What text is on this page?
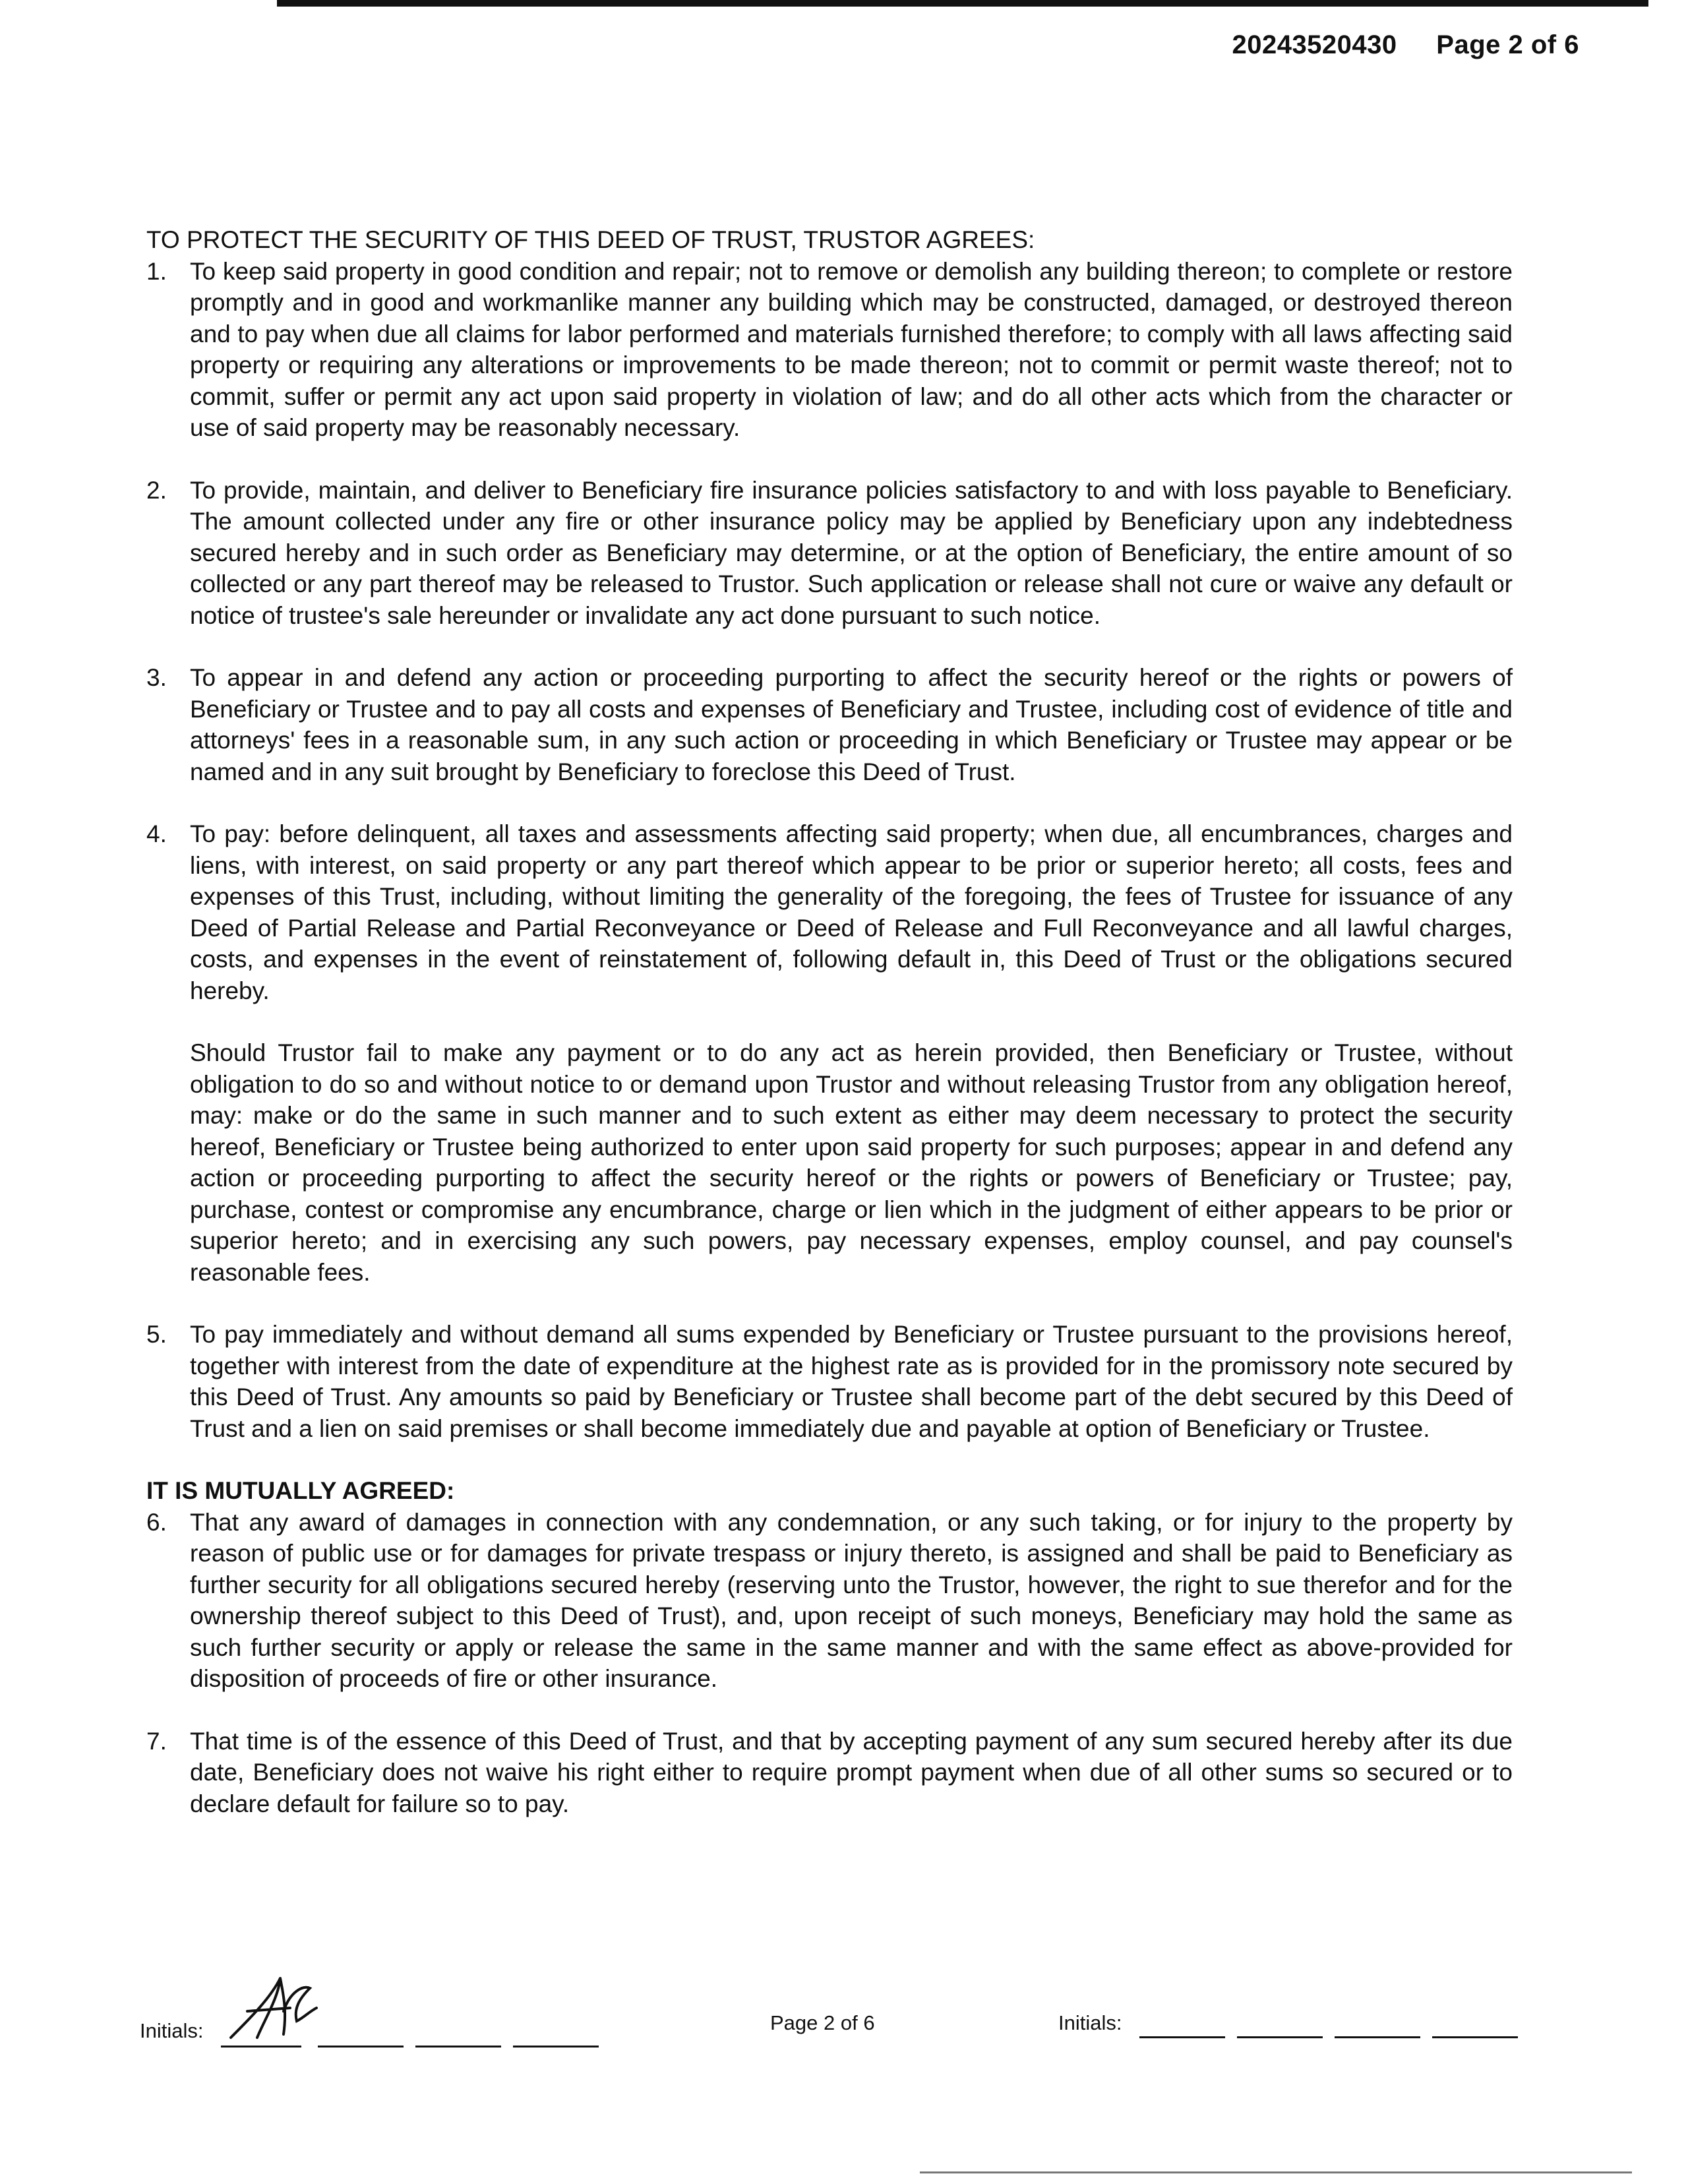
20243520430 Page 2 of 6

TO PROTECT THE SECURITY OF THIS DEED OF TRUST, TRUSTOR AGREES:

1. To keep said property in good condition and repair; not to remove or demolish any building thereon; to complete or restore promptly and in good and workmanlike manner any building which may be constructed, damaged, or destroyed thereon and to pay when due all claims for labor performed and materials furnished therefore; to comply with all laws affecting said property or requiring any alterations or improvements to be made thereon; not to commit or permit waste thereof; not to commit, suffer or permit any act upon said property in violation of law; and do all other acts which from the character or use of said property may be reasonably necessary.
2. To provide, maintain, and deliver to Beneficiary fire insurance policies satisfactory to and with loss payable to Beneficiary. The amount collected under any fire or other insurance policy may be applied by Beneficiary upon any indebtedness secured hereby and in such order as Beneficiary may determine, or at the option of Beneficiary, the entire amount of so collected or any part thereof may be released to Trustor. Such application or release shall not cure or waive any default or notice of trustee's sale hereunder or invalidate any act done pursuant to such notice.
3. To appear in and defend any action or proceeding purporting to affect the security hereof or the rights or powers of Beneficiary or Trustee and to pay all costs and expenses of Beneficiary and Trustee, including cost of evidence of title and attorneys' fees in a reasonable sum, in any such action or proceeding in which Beneficiary or Trustee may appear or be named and in any suit brought by Beneficiary to foreclose this Deed of Trust.
4. To pay: before delinquent, all taxes and assessments affecting said property; when due, all encumbrances, charges and liens, with interest, on said property or any part thereof which appear to be prior or superior hereto; all costs, fees and expenses of this Trust, including, without limiting the generality of the foregoing, the fees of Trustee for issuance of any Deed of Partial Release and Partial Reconveyance or Deed of Release and Full Reconveyance and all lawful charges, costs, and expenses in the event of reinstatement of, following default in, this Deed of Trust or the obligations secured hereby.
Should Trustor fail to make any payment or to do any act as herein provided, then Beneficiary or Trustee, without obligation to do so and without notice to or demand upon Trustor and without releasing Trustor from any obligation hereof, may: make or do the same in such manner and to such extent as either may deem necessary to protect the security hereof, Beneficiary or Trustee being authorized to enter upon said property for such purposes; appear in and defend any action or proceeding purporting to affect the security hereof or the rights or powers of Beneficiary or Trustee; pay, purchase, contest or compromise any encumbrance, charge or lien which in the judgment of either appears to be prior or superior hereto; and in exercising any such powers, pay necessary expenses, employ counsel, and pay counsel's reasonable fees.
5. To pay immediately and without demand all sums expended by Beneficiary or Trustee pursuant to the provisions hereof, together with interest from the date of expenditure at the highest rate as is provided for in the promissory note secured by this Deed of Trust. Any amounts so paid by Beneficiary or Trustee shall become part of the debt secured by this Deed of Trust and a lien on said premises or shall become immediately due and payable at option of Beneficiary or Trustee.

IT IS MUTUALLY AGREED:

6. That any award of damages in connection with any condemnation, or any such taking, or for injury to the property by reason of public use or for damages for private trespass or injury thereto, is assigned and shall be paid to Beneficiary as further security for all obligations secured hereby (reserving unto the Trustor, however, the right to sue therefor and for the ownership thereof subject to this Deed of Trust), and, upon receipt of such moneys, Beneficiary may hold the same as such further security or apply or release the same in the same manner and with the same effect as above-provided for disposition of proceeds of fire or other insurance.
7. That time is of the essence of this Deed of Trust, and that by accepting payment of any sum secured hereby after its due date, Beneficiary does not waive his right either to require prompt payment when due of all other sums so secured or to declare default for failure so to pay.
Initials:	Page 2 of 6	Initials:
